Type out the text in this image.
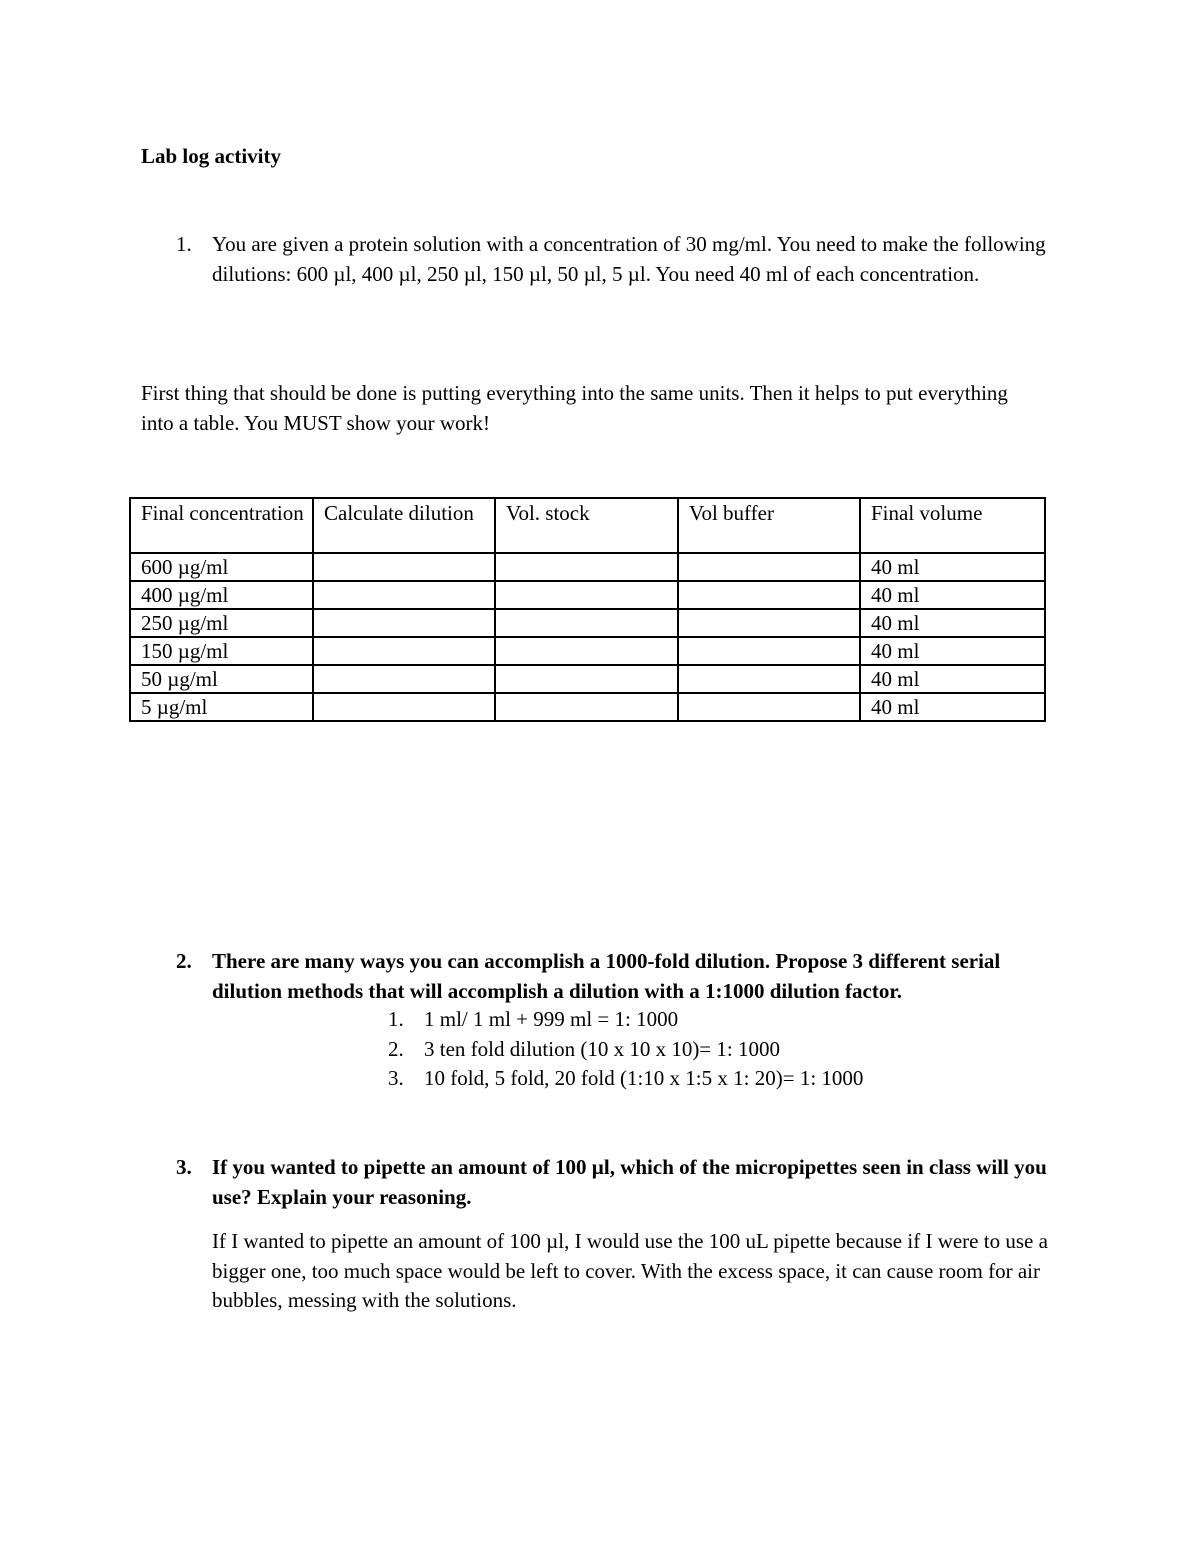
Lab log activity
1. You are given a protein solution with a concentration of 30 mg/ml. You need to make the following dilutions: 600 µl, 400 µl, 250 µl, 150 µl, 50 µl, 5 µl. You need 40 ml of each concentration.
First thing that should be done is putting everything into the same units. Then it helps to put everything into a table. You MUST show your work!
Final concentration	Calculate dilution	Vol. stock	Vol buffer	Final volume
600 µg/ml				40 ml
400 µg/ml				40 ml
250 µg/ml				40 ml
150 µg/ml				40 ml
50 µg/ml				40 ml
5 µg/ml				40 ml
2. There are many ways you can accomplish a 1000-fold dilution. Propose 3 different serial dilution methods that will accomplish a dilution with a 1:1000 dilution factor.
1. 1 ml/ 1 ml + 999 ml = 1: 1000
2. 3 ten fold dilution (10 x 10 x 10)= 1: 1000
3. 10 fold, 5 fold, 20 fold (1:10 x 1:5 x 1: 20)= 1: 1000
3. If you wanted to pipette an amount of 100 µl, which of the micropipettes seen in class will you use? Explain your reasoning.
If I wanted to pipette an amount of 100 µl, I would use the 100 uL pipette because if I were to use a bigger one, too much space would be left to cover. With the excess space, it can cause room for air bubbles, messing with the solutions.
